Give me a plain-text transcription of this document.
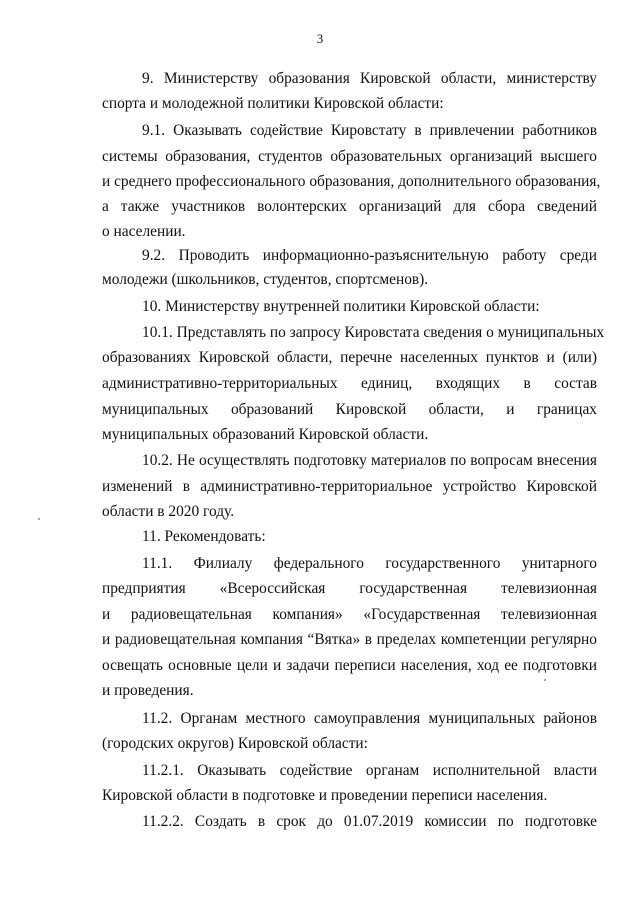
3
9. Министерству образования Кировской области, министерству
спорта и молодежной политики Кировской области:
9.1. Оказывать содействие Кировстату в привлечении работников
системы образования, студентов образовательных организаций высшего
и среднего профессионального образования, дополнительного образования,
а также участников волонтерских организаций для сбора сведений
о населении.
9.2. Проводить информационно-разъяснительную работу среди
молодежи (школьников, студентов, спортсменов).
10. Министерству внутренней политики Кировской области:
10.1. Представлять по запросу Кировстата сведения о муниципальных
образованиях Кировской области, перечне населенных пунктов и (или)
административно-территориальных единиц, входящих в состав
муниципальных образований Кировской области, и границах
муниципальных образований Кировской области.
10.2. Не осуществлять подготовку материалов по вопросам внесения
изменений в административно-территориальное устройство Кировской
области в 2020 году.
11. Рекомендовать:
11.1. Филиалу федерального государственного унитарного
предприятия «Всероссийская государственная телевизионная
и радиовещательная компания» «Государственная телевизионная
и радиовещательная компания “Вятка» в пределах компетенции регулярно
освещать основные цели и задачи переписи населения, ход ее подготовки
и проведения.
11.2. Органам местного самоуправления муниципальных районов
(городских округов) Кировской области:
11.2.1. Оказывать содействие органам исполнительной власти
Кировской области в подготовке и проведении переписи населения.
11.2.2. Создать в срок до 01.07.2019 комиссии по подготовке
